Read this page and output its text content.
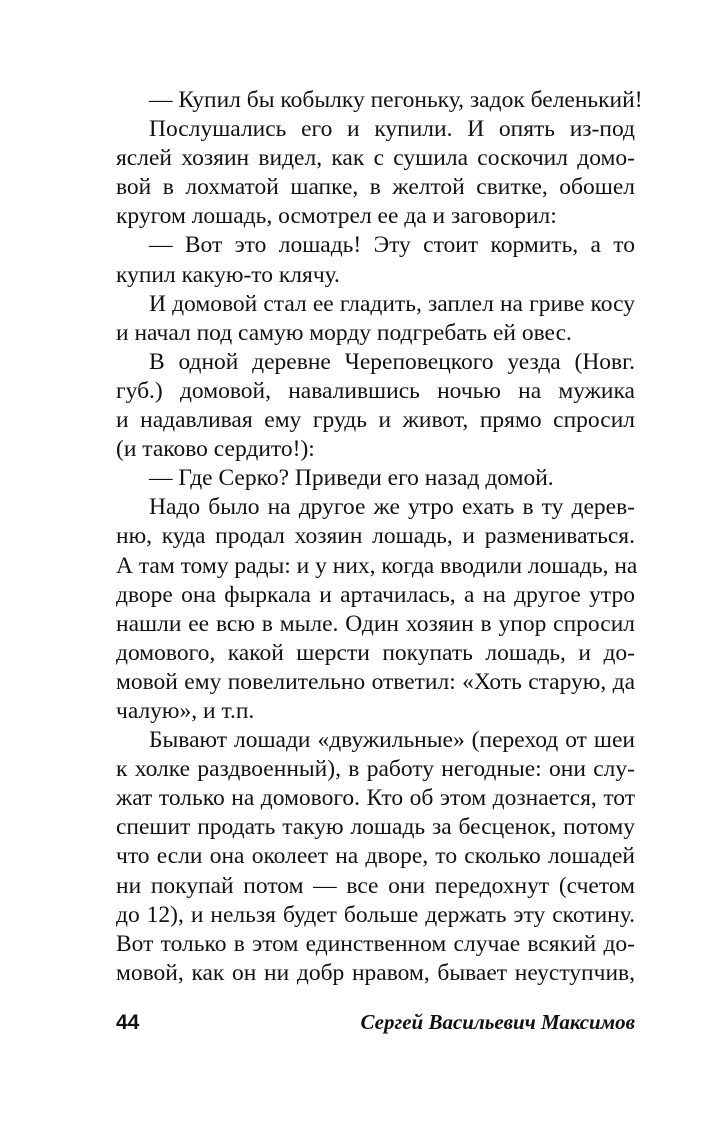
— Купил бы кобылку пегоньку, задок беленький!
Послушались его и купили. И опять из-под
яслей хозяин видел, как с сушила соскочил домо-
вой в лохматой шапке, в желтой свитке, обошел
кругом лошадь, осмотрел ее да и заговорил:
— Вот это лошадь! Эту стоит кормить, а то
купил какую-то клячу.
И домовой стал ее гладить, заплел на гриве косу
и начал под самую морду подгребать ей овес.
В одной деревне Череповецкого уезда (Новг.
губ.) домовой, навалившись ночью на мужика
и надавливая ему грудь и живот, прямо спросил
(и таково сердито!):
— Где Серко? Приведи его назад домой.
Надо было на другое же утро ехать в ту дерев-
ню, куда продал хозяин лошадь, и размениваться.
А там тому рады: и у них, когда вводили лошадь, на
дворе она фыркала и артачилась, а на другое утро
нашли ее всю в мыле. Один хозяин в упор спросил
домового, какой шерсти покупать лошадь, и до-
мовой ему повелительно ответил: «Хоть старую, да
чалую», и т.п.
Бывают лошади «двужильные» (переход от шеи
к холке раздвоенный), в работу негодные: они слу-
жат только на домового. Кто об этом дознается, тот
спешит продать такую лошадь за бесценок, потому
что если она околеет на дворе, то сколько лошадей
ни покупай потом — все они передохнут (счетом
до 12), и нельзя будет больше держать эту скотину.
Вот только в этом единственном случае всякий до-
мовой, как он ни добр нравом, бывает неуступчив,
44	Сергей Васильевич Максимов
